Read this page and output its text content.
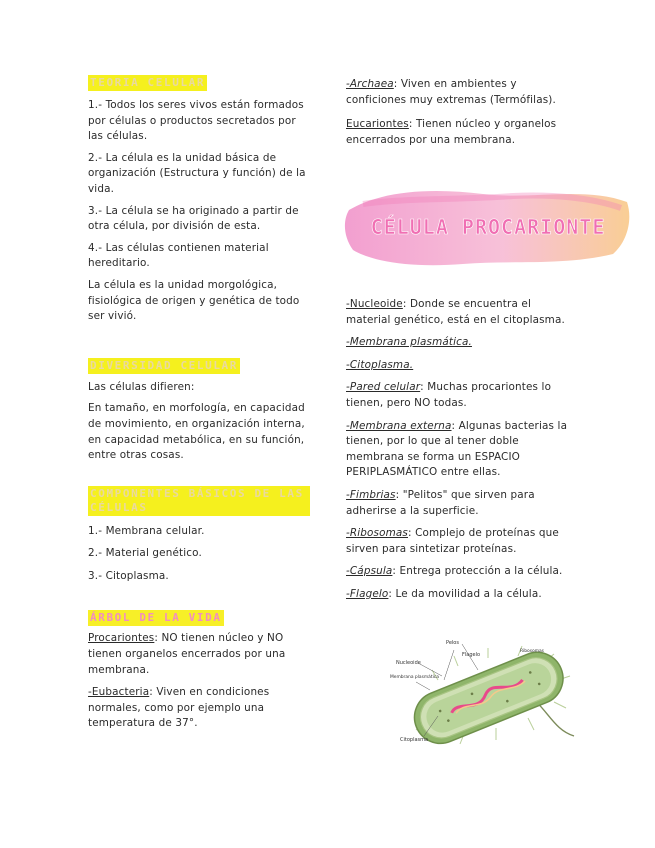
TEORIA CELULAR

1.- Todos los seres vivos están formados por células o productos secretados por las células.

2.- La célula es la unidad básica de organización (Estructura y función) de la vida.

3.- La célula se ha originado a partir de otra célula, por división de esta.

4.- Las células contienen material hereditario.

La célula es la unidad morgológica, fisiológica de origen y genética de todo ser vivió.

DIVERSIDAD CELULAR

Las células difieren:

En tamaño, en morfología, en capacidad de movimiento, en organización interna, en capacidad metabólica, en su función, entre otras cosas.

COMPONENTES BÁSICOS DE LAS CÉLULAS

1.- Membrana celular.

2.- Material genético.

3.- Citoplasma.

ÁRBOL DE LA VIDA

Procariontes: NO tienen núcleo y NO tienen organelos encerrados por una membrana.

-Eubacteria: Viven en condiciones normales, como por ejemplo una temperatura de 37°.

-Archaea: Viven en ambientes y conficiones muy extremas (Termófilas).

Eucariontes: Tienen núcleo y organelos encerrados por una membrana.

CÉLULA PROCARIONTE

-Nucleoide: Donde se encuentra el material genético, está en el citoplasma.

-Membrana plasmática.

-Citoplasma.

-Pared celular: Muchas procariontes lo tienen, pero NO todas.

-Membrana externa: Algunas bacterias la tienen, por lo que al tener doble membrana se forma un ESPACIO PERIPLASMÁTICO entre ellas.

-Fimbrias: "Pelitos" que sirven para adherirse a la superficie.

-Ribosomas: Complejo de proteínas que sirven para sintetizar proteínas.

-Cápsula: Entrega protección a la célula.

-Flagelo: Le da movilidad a la célula.

Nucleoide
Pelos
Flagelo
Membrana plasmática
Ribosomas
Citoplasma
